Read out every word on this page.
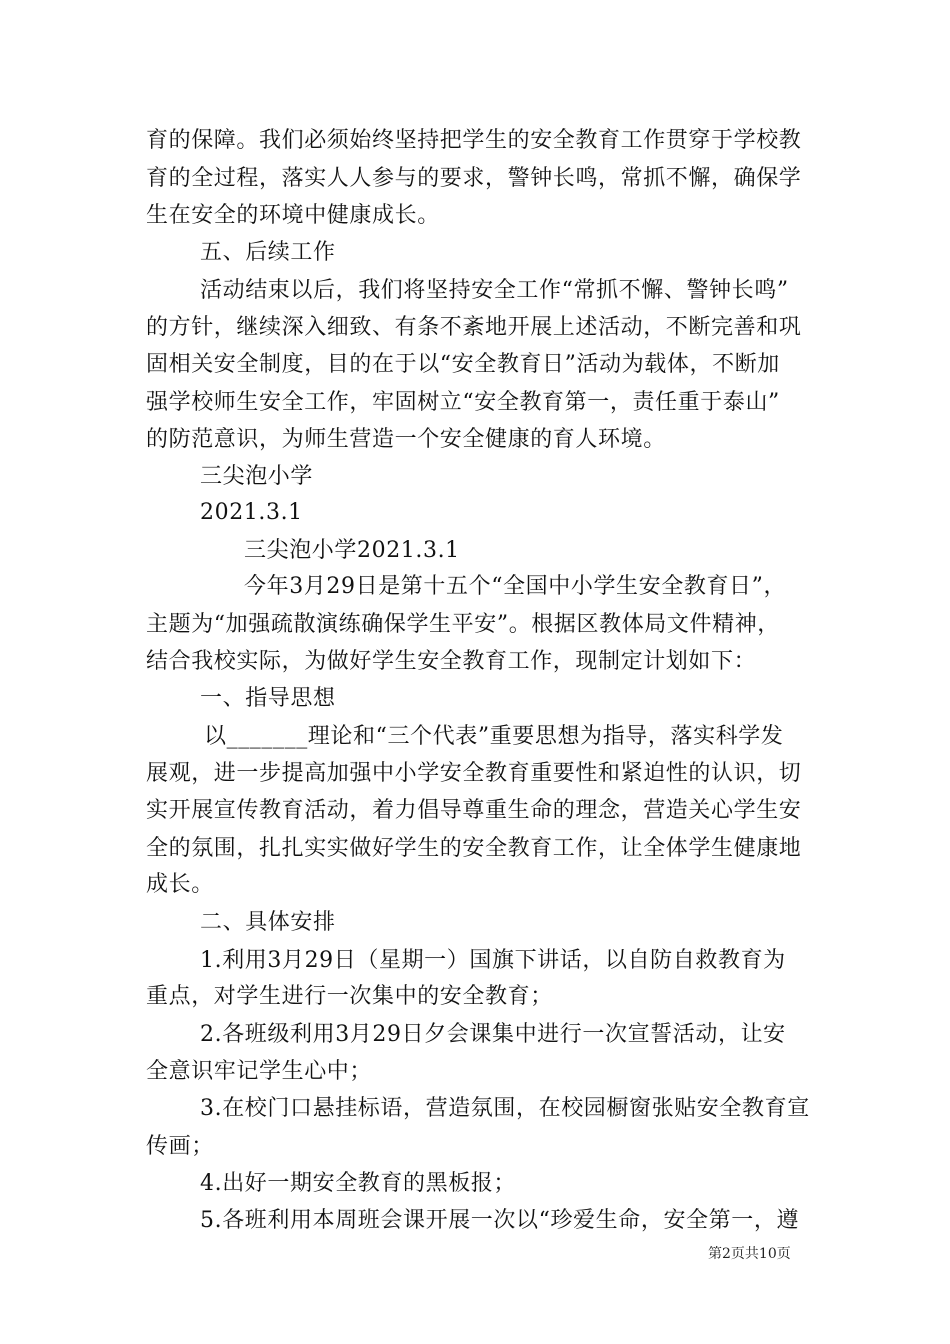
育的保障。我们必须始终坚持把学生的安全教育工作贯穿于学校教
育的全过程，落实人人参与的要求，警钟长鸣，常抓不懈，确保学
生在安全的环境中健康成长。
五、后续工作
活动结束以后，我们将坚持安全工作“常抓不懈、警钟长鸣”
的方针，继续深入细致、有条不紊地开展上述活动，不断完善和巩
固相关安全制度，目的在于以“安全教育日”活动为载体，不断加
强学校师生安全工作，牢固树立“安全教育第一，责任重于泰山”
的防范意识，为师生营造一个安全健康的育人环境。
三尖泡小学
2021.3.1
三尖泡小学2021.3.1
今年3月29日是第十五个“全国中小学生安全教育日”，
主题为“加强疏散演练确保学生平安”。根据区教体局文件精神，
结合我校实际，为做好学生安全教育工作，现制定计划如下：
一、指导思想
以_______理论和“三个代表”重要思想为指导，落实科学发
展观，进一步提高加强中小学安全教育重要性和紧迫性的认识，切
实开展宣传教育活动，着力倡导尊重生命的理念，营造关心学生安
全的氛围，扎扎实实做好学生的安全教育工作，让全体学生健康地
成长。
二、具体安排
1.利用3月29日（星期一）国旗下讲话，以自防自救教育为
重点，对学生进行一次集中的安全教育；
2.各班级利用3月29日夕会课集中进行一次宣誓活动，让安
全意识牢记学生心中；
3.在校门口悬挂标语，营造氛围，在校园橱窗张贴安全教育宣
传画；
4.出好一期安全教育的黑板报；
5.各班利用本周班会课开展一次以“珍爱生命，安全第一，遵
第2页共10页
